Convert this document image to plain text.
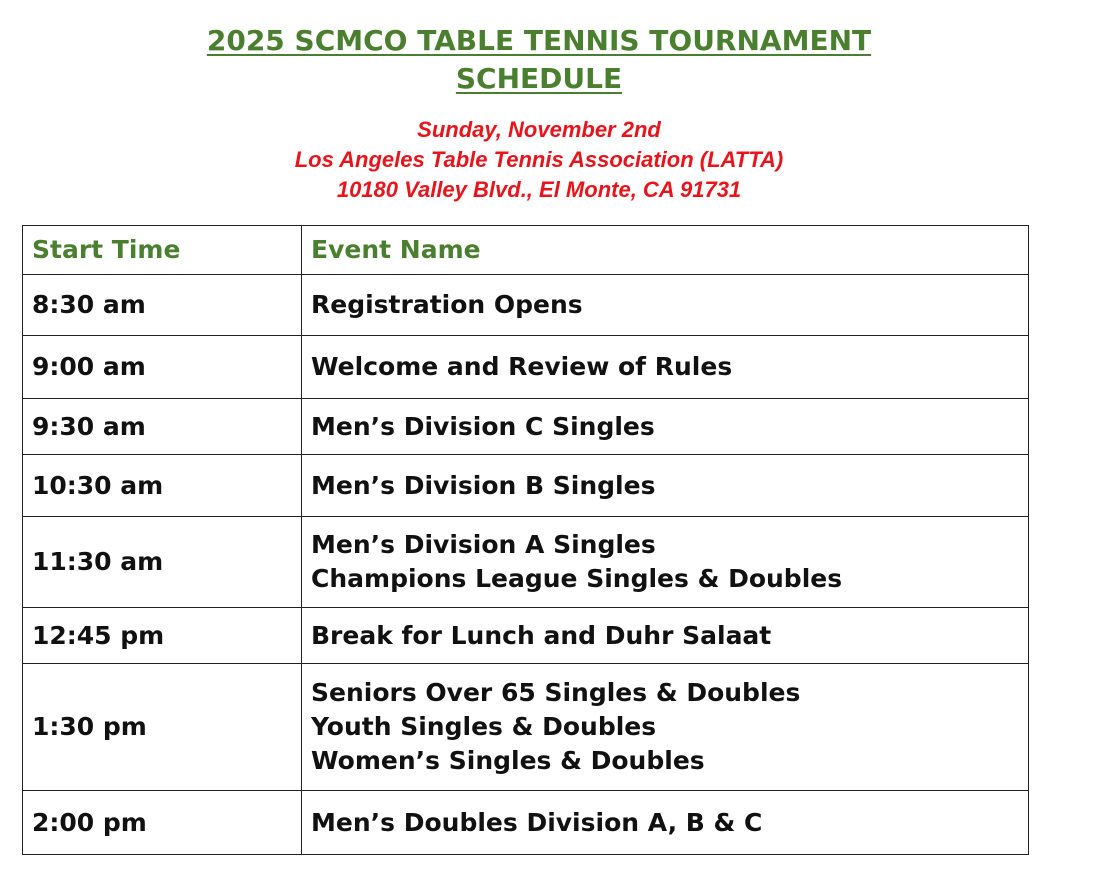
2025 SCMCO TABLE TENNIS TOURNAMENT
SCHEDULE

Sunday, November 2nd

Los Angeles Table Tennis Association (LATTA)

10180 Valley Blvd., El Monte, CA 91731

Start Time	Event Name
8:30 am	Registration Opens

9:00 am	Welcome and Review of Rules

9:30 am	Men’s Division C Singles

10:30 am	Men’s Division B Singles

11:30 am	Men’s Division A Singles
Champions League Singles & Doubles

12:45 pm	Break for Lunch and Duhr Salaat

1:30 pm	Seniors Over 65 Singles & Doubles
Youth Singles & Doubles
Women’s Singles & Doubles

2:00 pm	Men’s Doubles Division A, B & C
